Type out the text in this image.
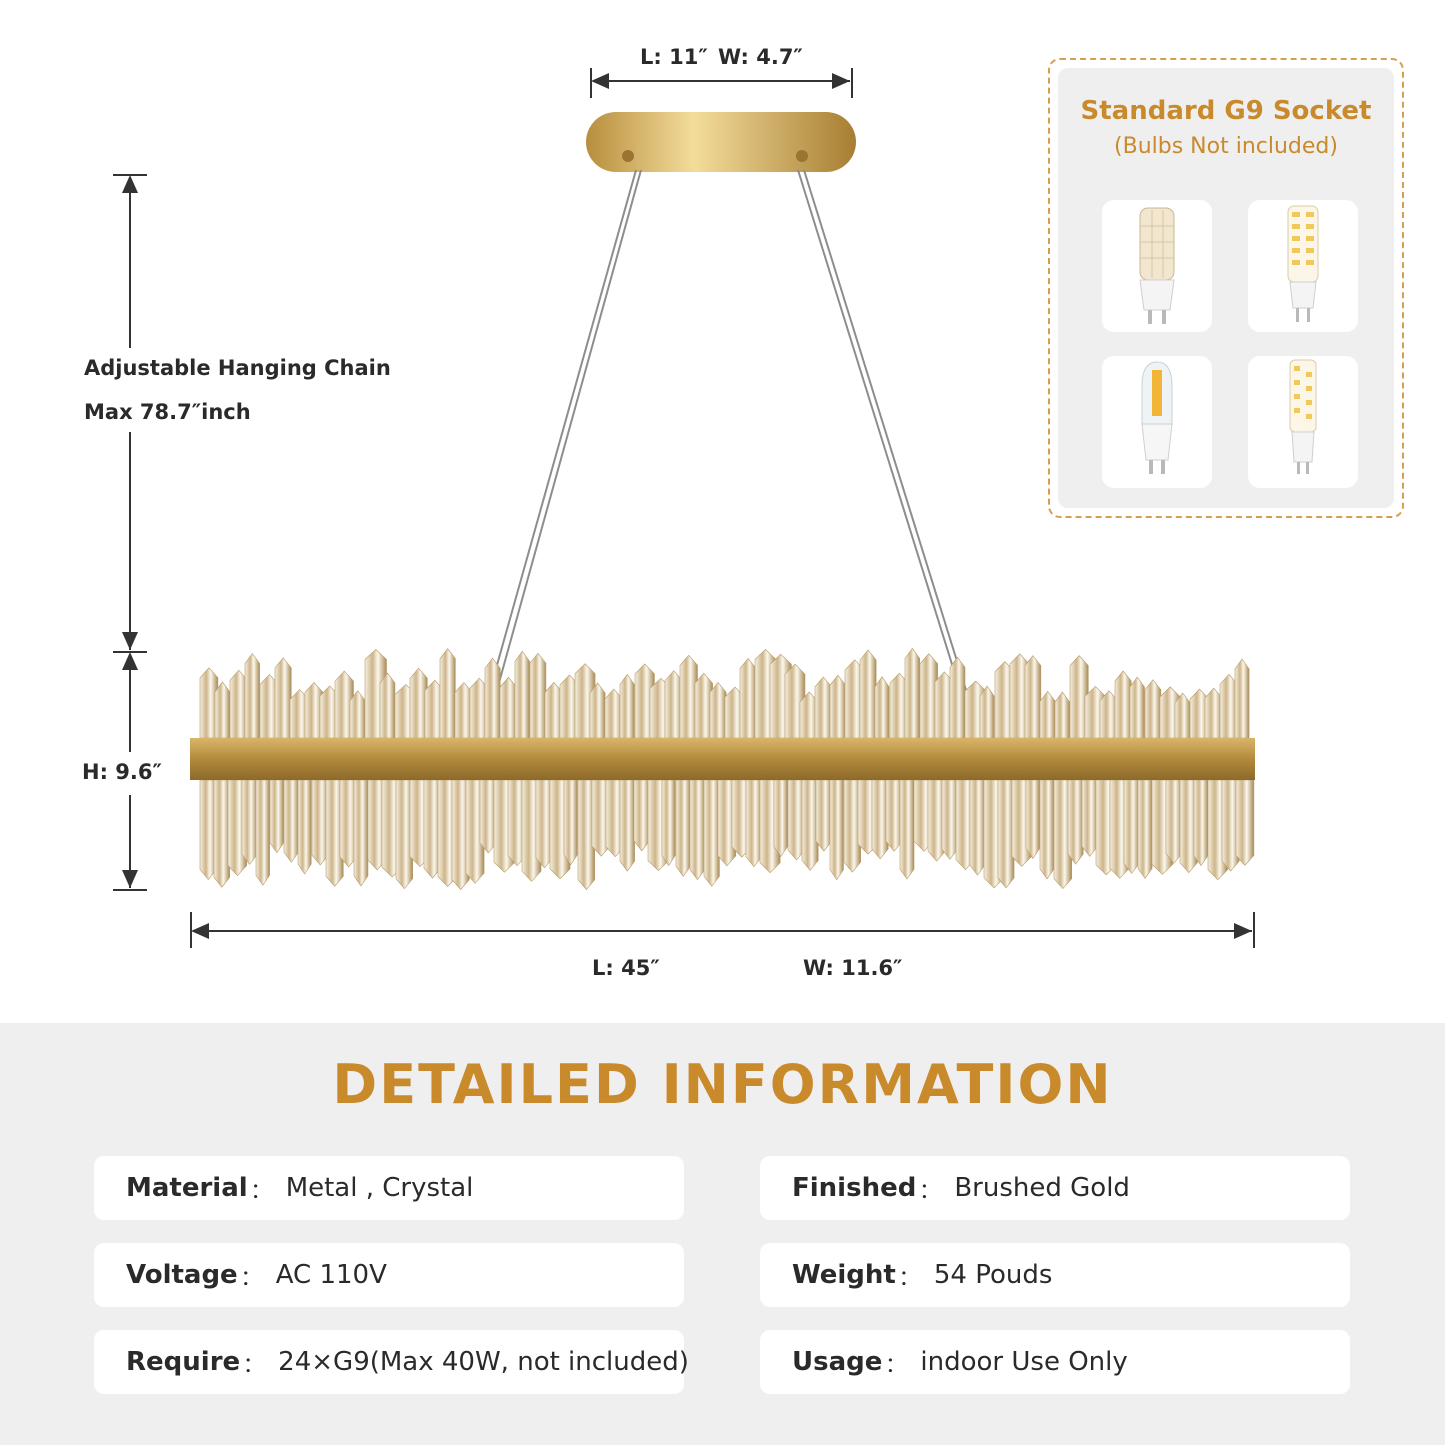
L: 11″ W: 4.7″
Adjustable Hanging Chain
Max 78.7″inch
H: 9.6″
L: 45″	W: 11.6″
Standard G9 Socket
(Bulbs Not included)
DETAILED INFORMATION
Material ： Metal , Crystal	Finished ： Brushed Gold
Voltage ： AC 110V	Weight ： 54 Pouds
Require ： 24×G9(Max 40W, not included)	Usage ： indoor Use Only
